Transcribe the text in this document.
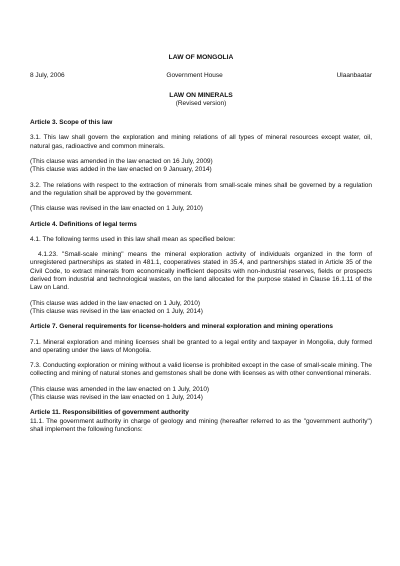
LAW OF MONGOLIA
8 July, 2006	Government House	Ulaanbaatar
LAW ON MINERALS
(Revised version)

Article 3. Scope of this law

3.1. This law shall govern the exploration and mining relations of all types of mineral resources except water, oil, natural gas, radioactive and common minerals.

(This clause was amended in the law enacted on 16 July, 2009)

(This clause was added in the law enacted on 9 January, 2014)

3.2. The relations with respect to the extraction of minerals from small-scale mines shall be governed by a regulation and the regulation shall be approved by the government.

(This clause was revised in the law enacted on 1 July, 2010)

Article 4. Definitions of legal terms

4.1. The following terms used in this law shall mean as specified below:

4.1.23. "Small-scale mining" means the mineral exploration activity of individuals organized in the form of unregistered partnerships as stated in 481.1, cooperatives stated in 35.4, and partnerships stated in Article 35 of the Civil Code, to extract minerals from economically inefficient deposits with non-industrial reserves, fields or prospects derived from industrial and technological wastes, on the land allocated for the purpose stated in Clause 16.1.11 of the Law on Land.

(This clause was added in the law enacted on 1 July, 2010)

(This clause was revised in the law enacted on 1 July, 2014)

Article 7. General requirements for license-holders and mineral exploration and mining operations

7.1. Mineral exploration and mining licenses shall be granted to a legal entity and taxpayer in Mongolia, duly formed and operating under the laws of Mongolia.

7.3. Conducting exploration or mining without a valid license is prohibited except in the case of small-scale mining. The collecting and mining of natural stones and gemstones shall be done with licenses as with other conventional minerals.

(This clause was amended in the law enacted on 1 July, 2010)

(This clause was revised in the law enacted on 1 July, 2014)

Article 11. Responsibilities of government authority

11.1. The government authority in charge of geology and mining (hereafter referred to as the "government authority") shall implement the following functions:
